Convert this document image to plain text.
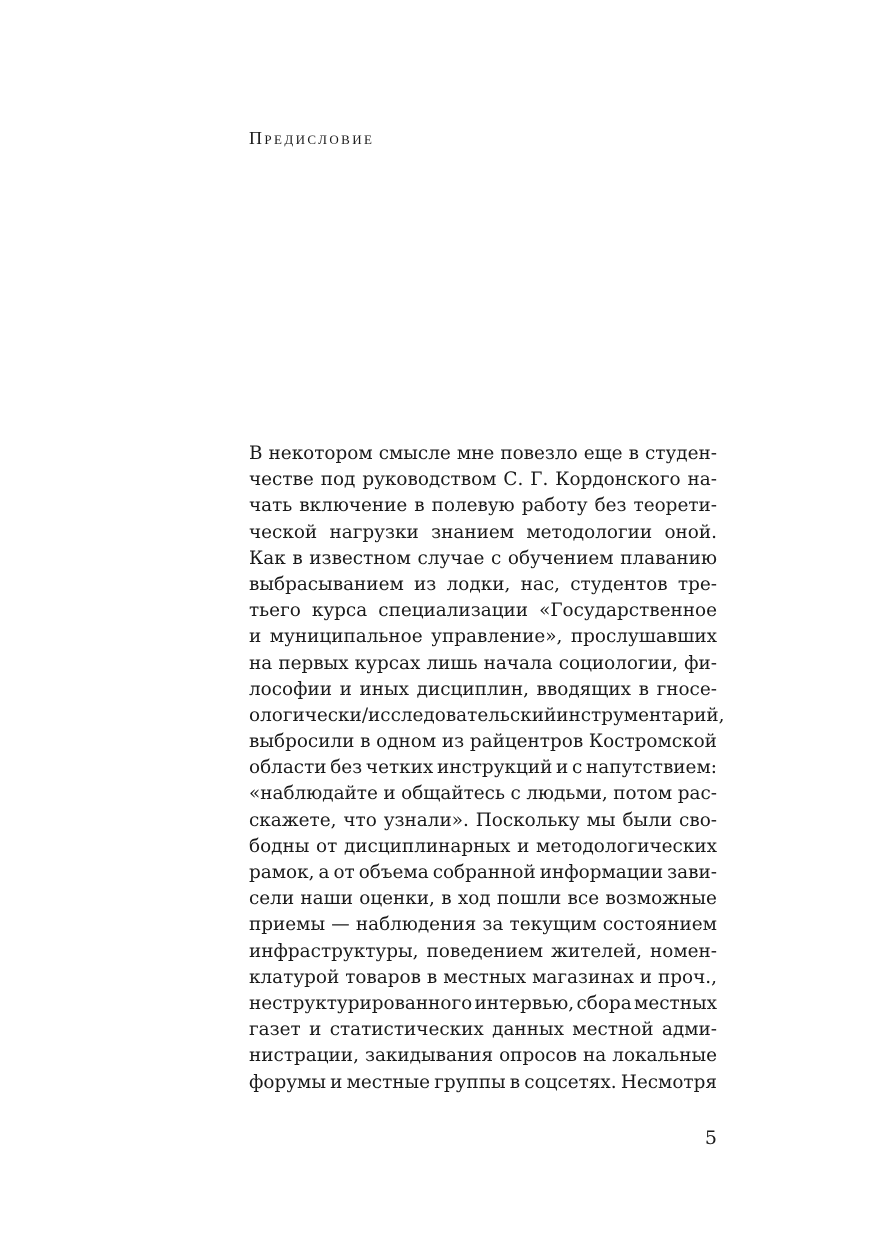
Предисловие
В некотором смысле мне повезло еще в студен-
честве под руководством С. Г. Кордонского на-
чать включение в полевую работу без теорети-
ческой нагрузки знанием методологии оной.
Как в известном случае с обучением плаванию
выбрасыванием из лодки, нас, студентов тре-
тьего курса специализации «Государственное
и муниципальное управление», прослушавших
на первых курсах лишь начала социологии, фи-
лософии и иных дисциплин, вводящих в гносе-
ологически/исследовательский инструментарий,
выбросили в одном из райцентров Костромской
области без четких инструкций и с напутствием:
«наблюдайте и общайтесь с людьми, потом рас-
скажете, что узнали». Поскольку мы были сво-
бодны от дисциплинарных и методологических
рамок, а от объема собранной информации зави-
сели наши оценки, в ход пошли все возможные
приемы — наблюдения за текущим состоянием
инфраструктуры, поведением жителей, номен-
клатурой товаров в местных магазинах и проч.,
неструктурированного интервью, сбора местных
газет и статистических данных местной адми-
нистрации, закидывания опросов на локальные
форумы и местные группы в соцсетях. Несмотря
5
